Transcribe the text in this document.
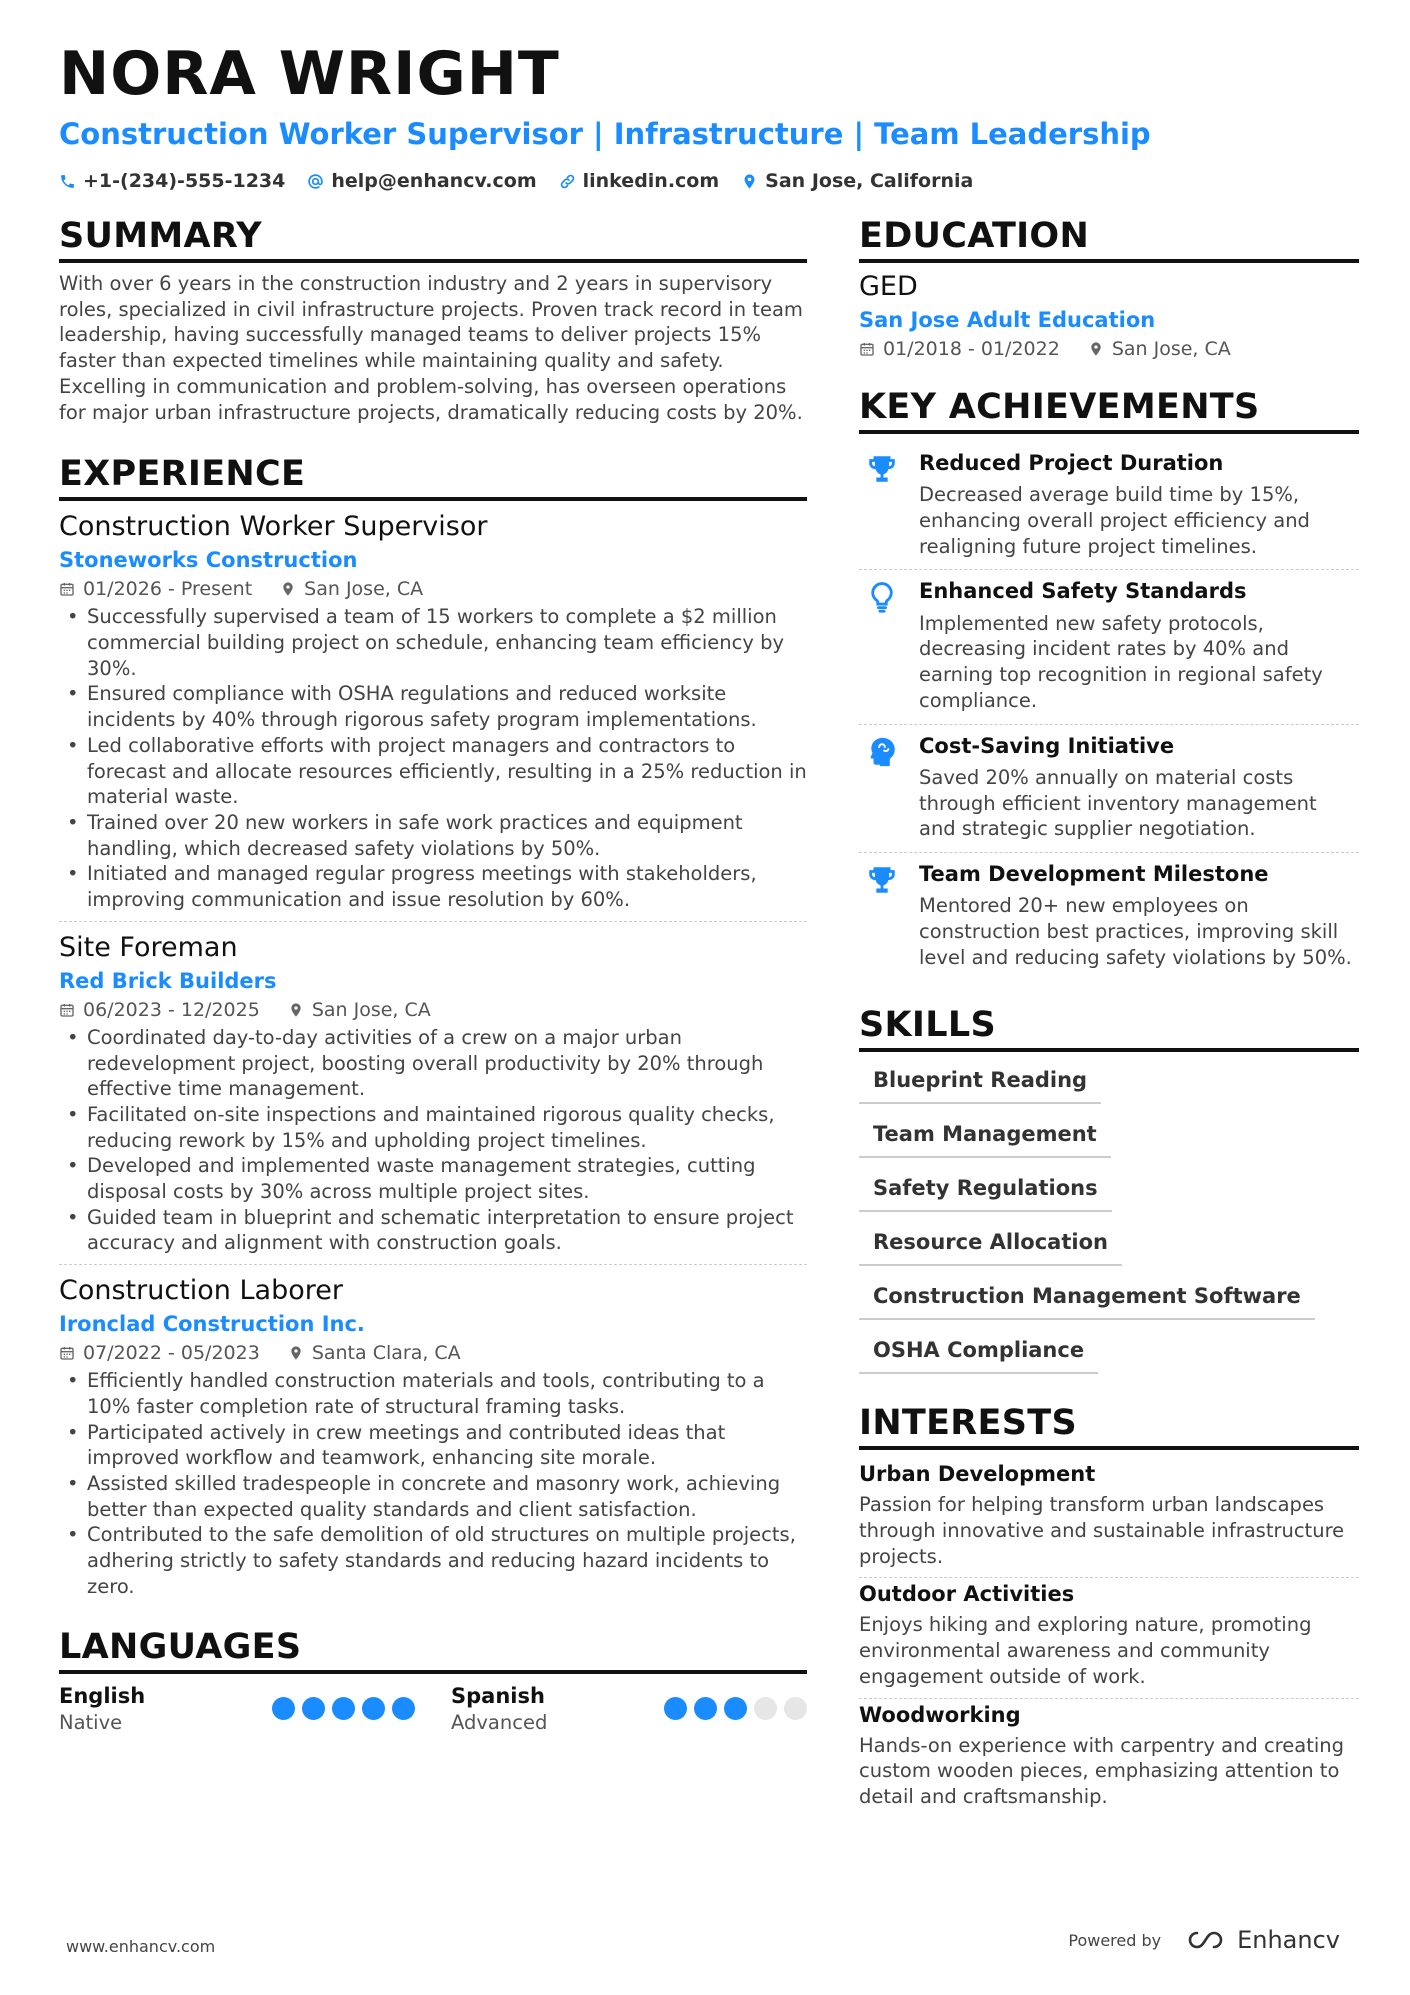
NORA WRIGHT
Construction Worker Supervisor | Infrastructure | Team Leadership
+1-(234)-555-1234 help@enhancv.com linkedin.com San Jose, California
SUMMARY
With over 6 years in the construction industry and 2 years in supervisory roles, specialized in civil infrastructure projects. Proven track record in team leadership, having successfully managed teams to deliver projects 15% faster than expected timelines while maintaining quality and safety. Excelling in communication and problem-solving, has overseen operations for major urban infrastructure projects, dramatically reducing costs by 20%.
EXPERIENCE
Construction Worker Supervisor
Stoneworks Construction
01/2026 - Present	San Jose, CA
• Successfully supervised a team of 15 workers to complete a $2 million commercial building project on schedule, enhancing team efficiency by 30%.
• Ensured compliance with OSHA regulations and reduced worksite incidents by 40% through rigorous safety program implementations.
• Led collaborative efforts with project managers and contractors to forecast and allocate resources efficiently, resulting in a 25% reduction in material waste.
• Trained over 20 new workers in safe work practices and equipment handling, which decreased safety violations by 50%.
• Initiated and managed regular progress meetings with stakeholders, improving communication and issue resolution by 60%.
Site Foreman
Red Brick Builders
06/2023 - 12/2025	San Jose, CA
• Coordinated day-to-day activities of a crew on a major urban redevelopment project, boosting overall productivity by 20% through effective time management.
• Facilitated on-site inspections and maintained rigorous quality checks, reducing rework by 15% and upholding project timelines.
• Developed and implemented waste management strategies, cutting disposal costs by 30% across multiple project sites.
• Guided team in blueprint and schematic interpretation to ensure project accuracy and alignment with construction goals.
Construction Laborer
Ironclad Construction Inc.
07/2022 - 05/2023	Santa Clara, CA
• Efficiently handled construction materials and tools, contributing to a 10% faster completion rate of structural framing tasks.
• Participated actively in crew meetings and contributed ideas that improved workflow and teamwork, enhancing site morale.
• Assisted skilled tradespeople in concrete and masonry work, achieving better than expected quality standards and client satisfaction.
• Contributed to the safe demolition of old structures on multiple projects, adhering strictly to safety standards and reducing hazard incidents to zero.
LANGUAGES
English
Native
Spanish
Advanced
EDUCATION
GED
San Jose Adult Education
01/2018 - 01/2022	San Jose, CA
KEY ACHIEVEMENTS
Reduced Project Duration
Decreased average build time by 15%, enhancing overall project efficiency and realigning future project timelines.
Enhanced Safety Standards
Implemented new safety protocols, decreasing incident rates by 40% and earning top recognition in regional safety compliance.
Cost-Saving Initiative
Saved 20% annually on material costs through efficient inventory management and strategic supplier negotiation.
Team Development Milestone
Mentored 20+ new employees on construction best practices, improving skill level and reducing safety violations by 50%.
SKILLS
Blueprint Reading
Team Management
Safety Regulations
Resource Allocation
Construction Management Software
OSHA Compliance
INTERESTS
Urban Development
Passion for helping transform urban landscapes through innovative and sustainable infrastructure projects.
Outdoor Activities
Enjoys hiking and exploring nature, promoting environmental awareness and community engagement outside of work.
Woodworking
Hands-on experience with carpentry and creating custom wooden pieces, emphasizing attention to detail and craftsmanship.
www.enhancv.com	Powered by	Enhancv
